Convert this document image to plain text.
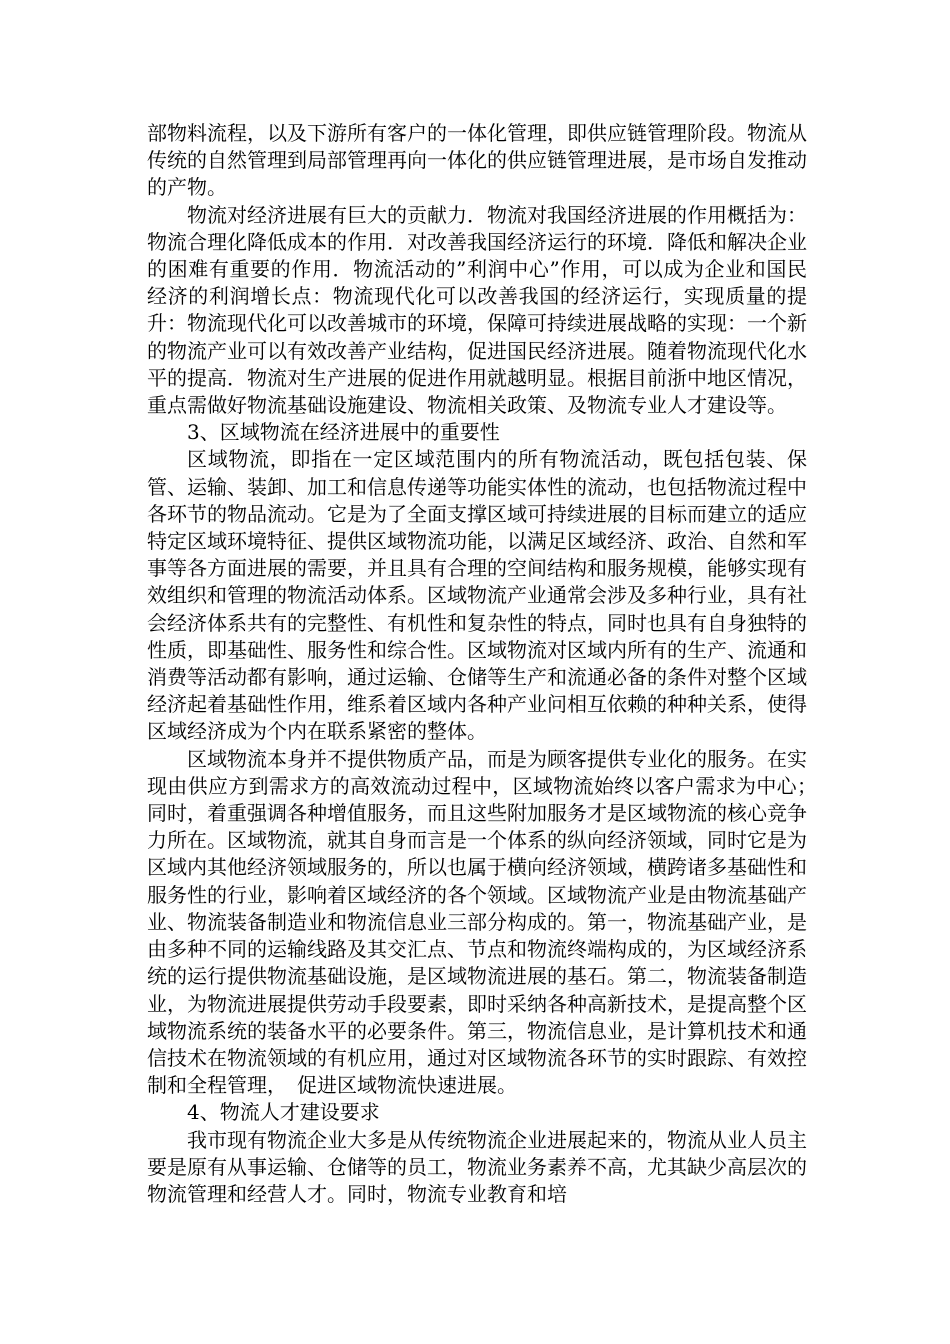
部物料流程，以及下游所有客户的一体化管理，即供应链管理阶段。物流从传统的自然管理到局部管理再向一体化的供应链管理进展，是市场自发推动的产物。

物流对经济进展有巨大的贡献力．物流对我国经济进展的作用概括为：物流合理化降低成本的作用．对改善我国经济运行的环境．降低和解决企业的困难有重要的作用．物流活动的”利润中心”作用，可以成为企业和国民经济的利润增长点：物流现代化可以改善我国的经济运行，实现质量的提升：物流现代化可以改善城市的环境，保障可持续进展战略的实现：一个新的物流产业可以有效改善产业结构，促进国民经济进展。随着物流现代化水平的提高．物流对生产进展的促进作用就越明显。根据目前浙中地区情况，重点需做好物流基础设施建设、物流相关政策、及物流专业人才建设等。

3、区域物流在经济进展中的重要性

区域物流，即指在一定区域范围内的所有物流活动，既包括包装、保管、运输、装卸、加工和信息传递等功能实体性的流动，也包括物流过程中各环节的物品流动。它是为了全面支撑区域可持续进展的目标而建立的适应特定区域环境特征、提供区域物流功能，以满足区域经济、政治、自然和军事等各方面进展的需要，并且具有合理的空间结构和服务规模，能够实现有效组织和管理的物流活动体系。区域物流产业通常会涉及多种行业，具有社会经济体系共有的完整性、有机性和复杂性的特点，同时也具有自身独特的性质，即基础性、服务性和综合性。区域物流对区域内所有的生产、流通和消费等活动都有影响，通过运输、仓储等生产和流通必备的条件对整个区域经济起着基础性作用，维系着区域内各种产业问相互依赖的种种关系，使得区域经济成为个内在联系紧密的整体。

区域物流本身并不提供物质产品，而是为顾客提供专业化的服务。在实现由供应方到需求方的高效流动过程中，区域物流始终以客户需求为中心；　同时，着重强调各种增值服务，而且这些附加服务才是区域物流的核心竞争力所在。区域物流，就其自身而言是一个体系的纵向经济领域，同时它是为区域内其他经济领域服务的，所以也属于横向经济领域，横跨诸多基础性和服务性的行业，影响着区域经济的各个领域。区域物流产业是由物流基础产业、物流装备制造业和物流信息业三部分构成的。第一，物流基础产业，是由多种不同的运输线路及其交汇点、节点和物流终端构成的，为区域经济系统的运行提供物流基础设施，是区域物流进展的基石。第二，物流装备制造业，为物流进展提供劳动手段要素，即时采纳各种高新技术，是提高整个区域物流系统的装备水平的必要条件。第三，物流信息业，是计算机技术和通信技术在物流领域的有机应用，通过对区域物流各环节的实时跟踪、有效控制和全程管理，　促进区域物流快速进展。

4、物流人才建设要求

我市现有物流企业大多是从传统物流企业进展起来的，物流从业人员主要是原有从事运输、仓储等的员工，物流业务素养不高，尤其缺少高层次的物流管理和经营人才。同时，物流专业教育和培
